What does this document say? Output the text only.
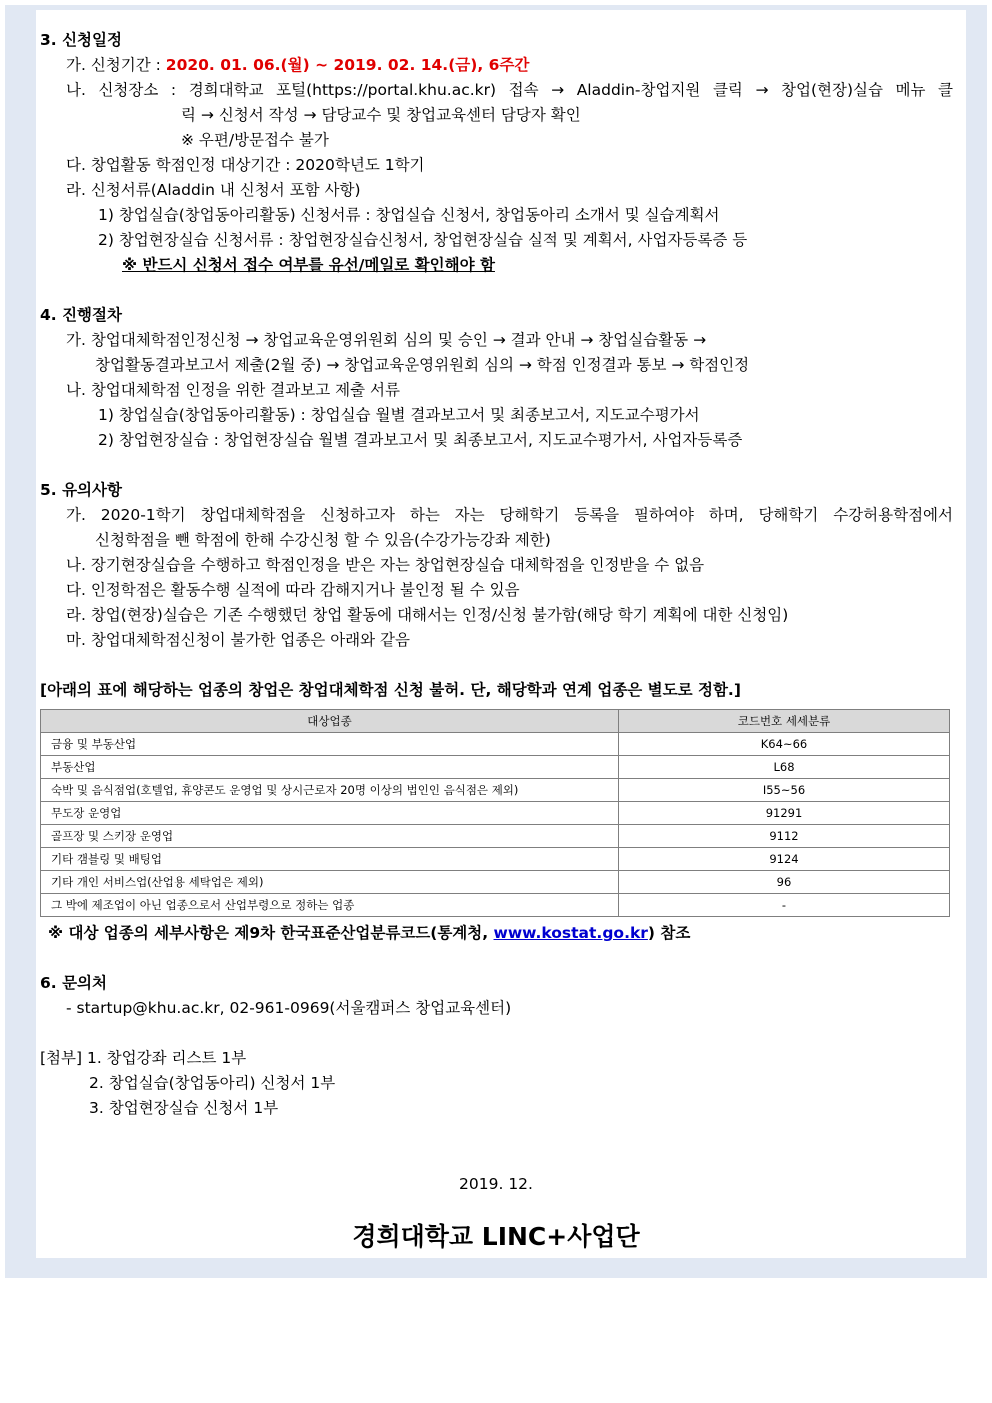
3. 신청일정
가. 신청기간 : 2020. 01. 06.(월) ~ 2019. 02. 14.(금), 6주간
나. 신청장소 : 경희대학교 포털(https://portal.khu.ac.kr) 접속 → Aladdin-창업지원 클릭 → 창업(현장)실습 메뉴 클
릭 → 신청서 작성 → 담당교수 및 창업교육센터 담당자 확인
※ 우편/방문접수 불가
다. 창업활동 학점인정 대상기간 : 2020학년도 1학기
라. 신청서류(Aladdin 내 신청서 포함 사항)
1) 창업실습(창업동아리활동) 신청서류 : 창업실습 신청서, 창업동아리 소개서 및 실습계획서
2) 창업현장실습 신청서류 : 창업현장실습신청서, 창업현장실습 실적 및 계획서, 사업자등록증 등
※ 반드시 신청서 접수 여부를 유선/메일로 확인해야 함
4. 진행절차
가. 창업대체학점인정신청 → 창업교육운영위원회 심의 및 승인 → 결과 안내 → 창업실습활동 →
창업활동결과보고서 제출(2월 중) → 창업교육운영위원회 심의 → 학점 인정결과 통보 → 학점인정
나. 창업대체학점 인정을 위한 결과보고 제출 서류
1) 창업실습(창업동아리활동) : 창업실습 월별 결과보고서 및 최종보고서, 지도교수평가서
2) 창업현장실습 : 창업현장실습 월별 결과보고서 및 최종보고서, 지도교수평가서, 사업자등록증
5. 유의사항
가. 2020-1학기 창업대체학점을 신청하고자 하는 자는 당해학기 등록을 필하여야 하며, 당해학기 수강허용학점에서
신청학점을 뺀 학점에 한해 수강신청 할 수 있음(수강가능강좌 제한)
나. 장기현장실습을 수행하고 학점인정을 받은 자는 창업현장실습 대체학점을 인정받을 수 없음
다. 인정학점은 활동수행 실적에 따라 감해지거나 불인정 될 수 있음
라. 창업(현장)실습은 기존 수행했던 창업 활동에 대해서는 인정/신청 불가함(해당 학기 계획에 대한 신청임)
마. 창업대체학점신청이 불가한 업종은 아래와 같음
[아래의 표에 해당하는 업종의 창업은 창업대체학점 신청 불허. 단, 해당학과 연계 업종은 별도로 정함.]
대상업종	코드번호 세세분류
금융 및 부동산업	K64~66
부동산업	L68
숙박 및 음식점업(호텔업, 휴양콘도 운영업 및 상시근로자 20명 이상의 법인인 음식점은 제외)	I55~56
무도장 운영업	91291
골프장 및 스키장 운영업	9112
기타 갬블링 및 배팅업	9124
기타 개인 서비스업(산업용 세탁업은 제외)	96
그 박에 제조업이 아닌 업종으로서 산업부령으로 정하는 업종	-
※ 대상 업종의 세부사항은 제9차 한국표준산업분류코드(통계청, www.kostat.go.kr) 참조
6. 문의처
- startup@khu.ac.kr, 02-961-0969(서울캠퍼스 창업교육센터)
[첨부] 1. 창업강좌 리스트 1부
2. 창업실습(창업동아리) 신청서 1부
3. 창업현장실습 신청서 1부
2019. 12.
경희대학교 LINC+사업단
